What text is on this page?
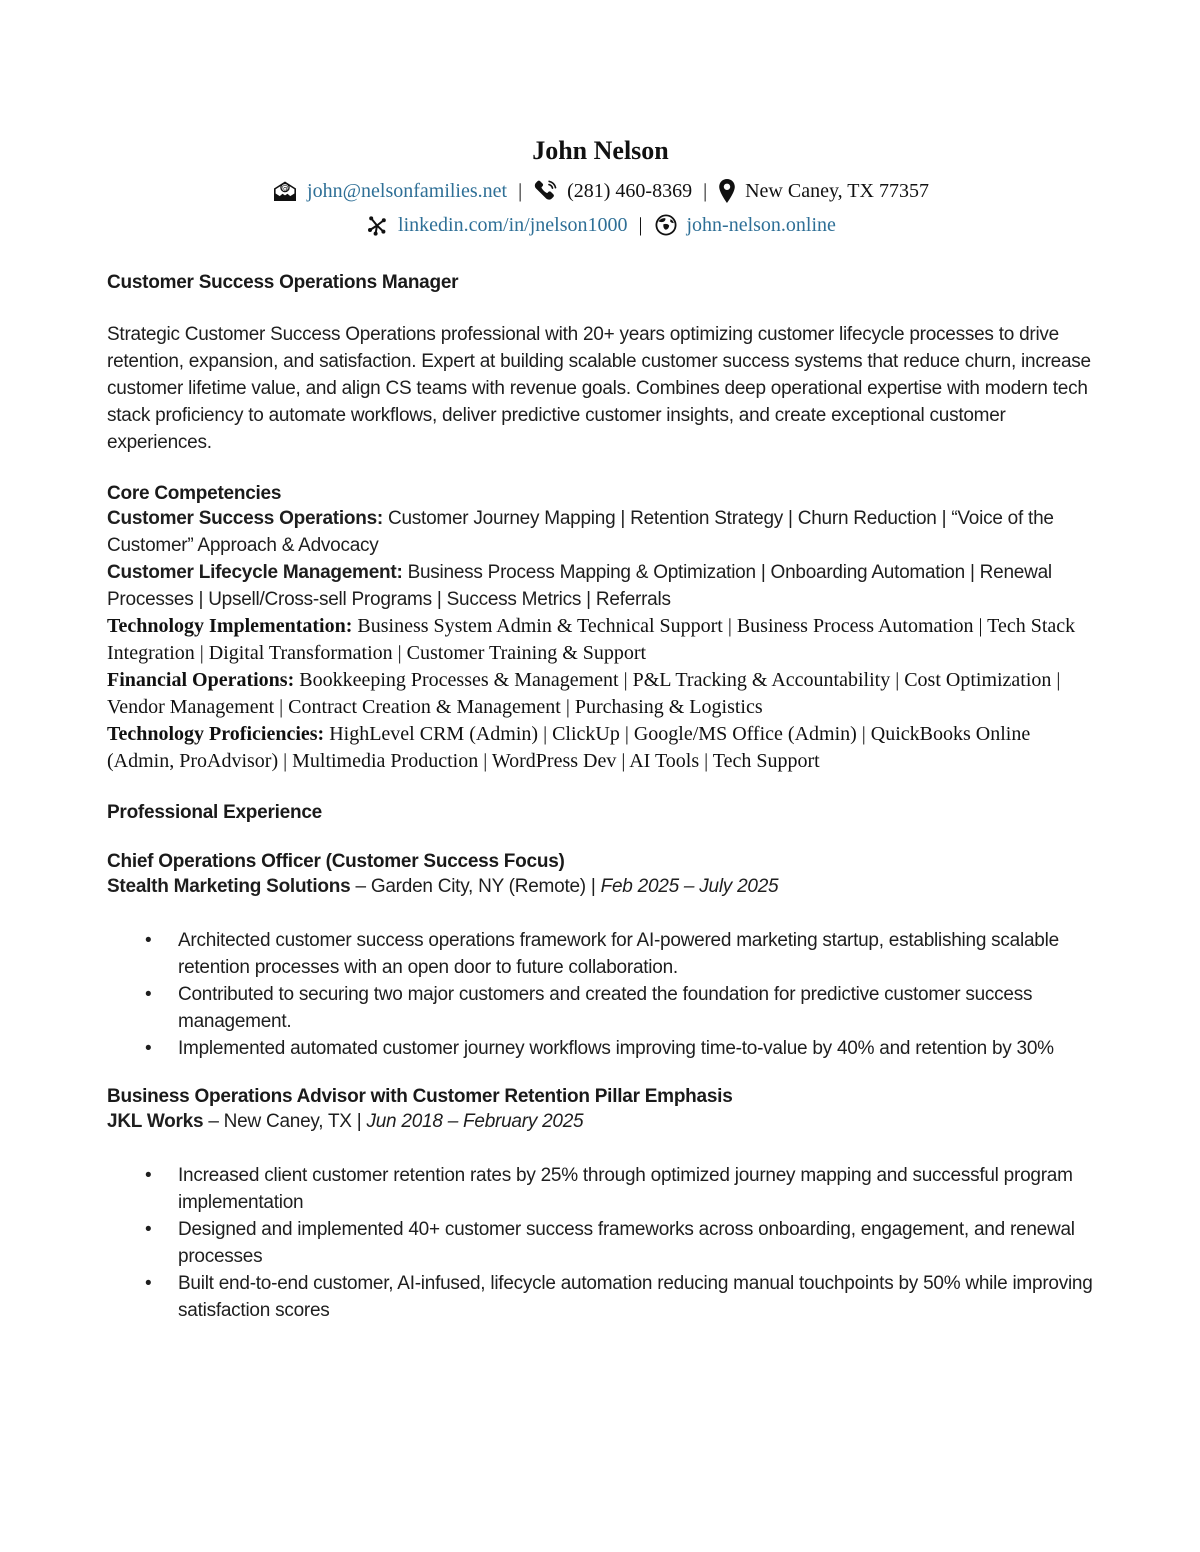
John Nelson
@ john@nelsonfamilies.net | (281) 460-8369 | New Caney, TX 77357
linkedin.com/in/jnelson1000 | john-nelson.online
Customer Success Operations Manager

Strategic Customer Success Operations professional with 20+ years optimizing customer lifecycle processes to drive retention, expansion, and satisfaction. Expert at building scalable customer success systems that reduce churn, increase customer lifetime value, and align CS teams with revenue goals. Combines deep operational expertise with modern tech stack proficiency to automate workflows, deliver predictive customer insights, and create exceptional customer experiences.

Core Competencies

Customer Success Operations: Customer Journey Mapping | Retention Strategy | Churn Reduction | “Voice of the Customer” Approach & Advocacy

Customer Lifecycle Management: Business Process Mapping & Optimization | Onboarding Automation | Renewal Processes | Upsell/Cross-sell Programs | Success Metrics | Referrals

Technology Implementation: Business System Admin & Technical Support | Business Process Automation | Tech Stack Integration | Digital Transformation | Customer Training & Support

Financial Operations: Bookkeeping Processes & Management | P&L Tracking & Accountability | Cost Optimization | Vendor Management | Contract Creation & Management | Purchasing & Logistics

Technology Proficiencies: HighLevel CRM (Admin) | ClickUp | Google/MS Office (Admin) | QuickBooks Online (Admin, ProAdvisor) | Multimedia Production | WordPress Dev | AI Tools | Tech Support

Professional Experience
Chief Operations Officer (Customer Success Focus)

Stealth Marketing Solutions – Garden City, NY (Remote) | Feb 2025 – July 2025

•	Architected customer success operations framework for AI-powered marketing startup, establishing scalable retention processes with an open door to future collaboration.
•	Contributed to securing two major customers and created the foundation for predictive customer success management.
•	Implemented automated customer journey workflows improving time-to-value by 40% and retention by 30%
Business Operations Advisor with Customer Retention Pillar Emphasis

JKL Works – New Caney, TX | Jun 2018 – February 2025

•	Increased client customer retention rates by 25% through optimized journey mapping and successful program implementation
•	Designed and implemented 40+ customer success frameworks across onboarding, engagement, and renewal processes
•	Built end-to-end customer, AI-infused, lifecycle automation reducing manual touchpoints by 50% while improving satisfaction scores
